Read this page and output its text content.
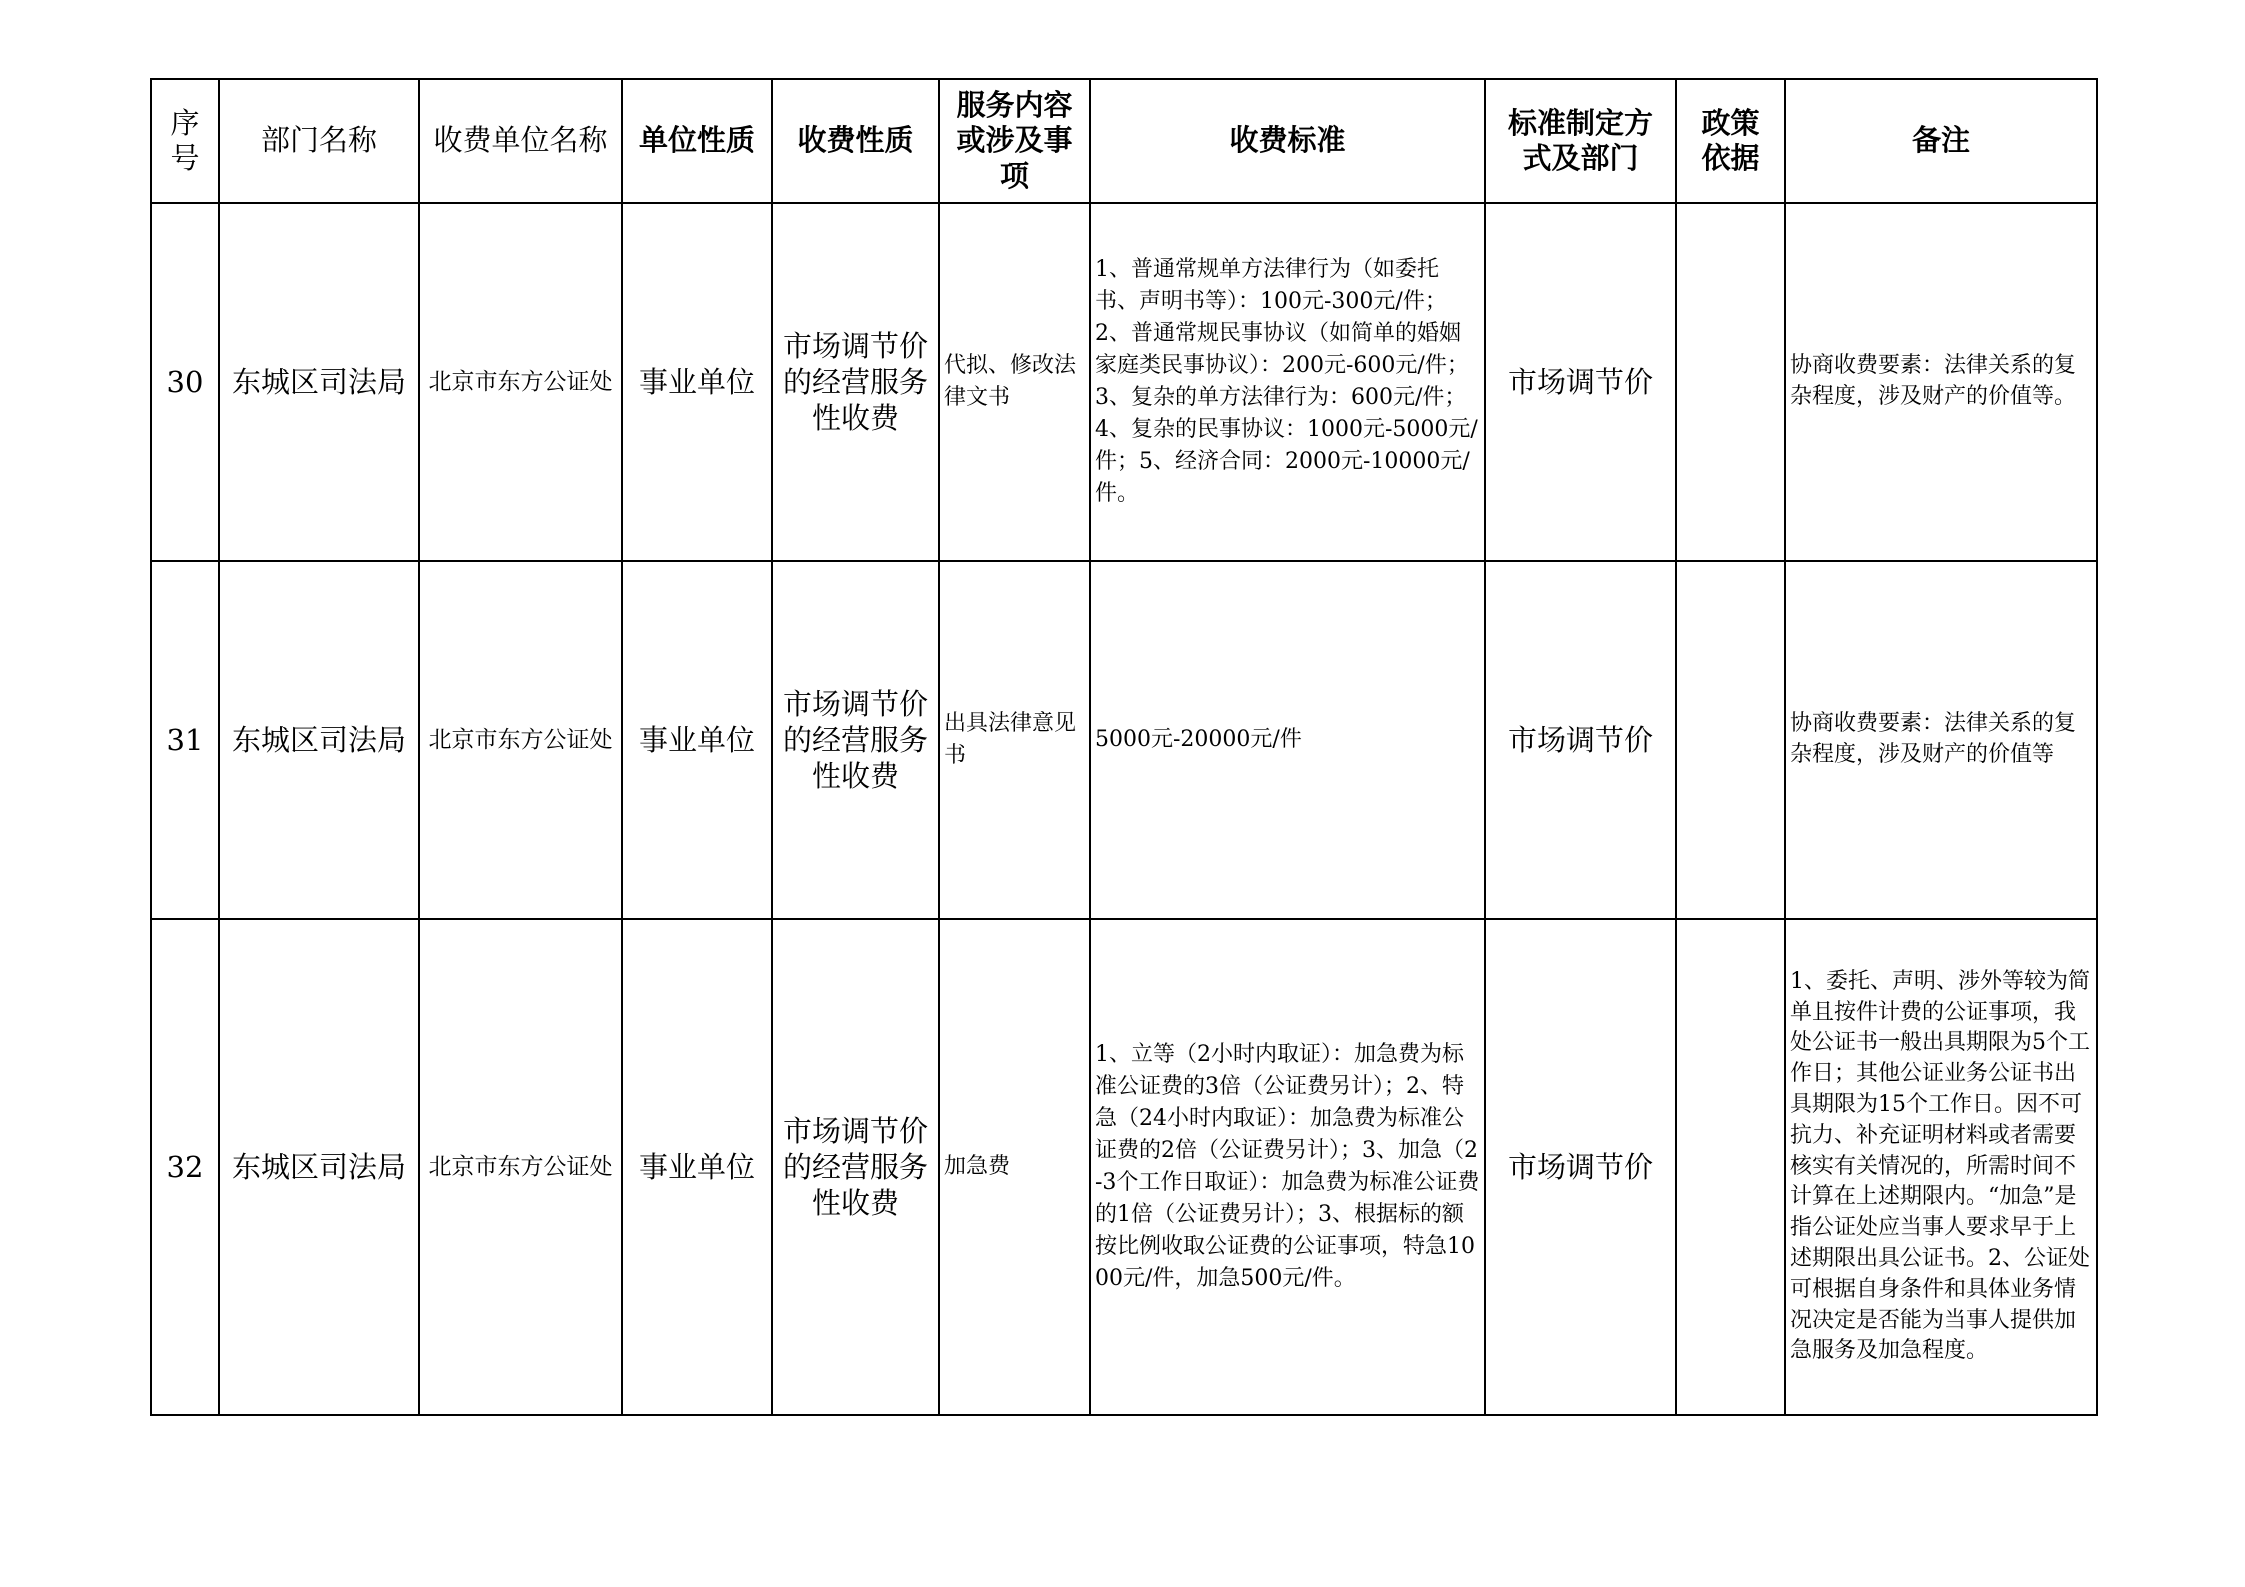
序号	部门名称	收费单位名称	单位性质	收费性质	服务内容或涉及事项	收费标准	标准制定方式及部门	政策依据	备注
30	东城区司法局	北京市东方公证处	事业单位	市场调节价的经营服务性收费	代拟、修改法律文书	1、普通常规单方法律行为（如委托书、声明书等）：100元-300元/件；2、普通常规民事协议（如简单的婚姻家庭类民事协议）：200元-600元/件；3、复杂的单方法律行为：600元/件；4、复杂的民事协议：1000元-5000元/件；5、经济合同：2000元-10000元/件。	市场调节价		协商收费要素：法律关系的复杂程度，涉及财产的价值等。

31	东城区司法局	北京市东方公证处	事业单位	市场调节价的经营服务性收费	出具法律意见书	5000元-20000元/件	市场调节价		协商收费要素：法律关系的复杂程度，涉及财产的价值等

32	东城区司法局	北京市东方公证处	事业单位	市场调节价的经营服务性收费	加急费	1、立等（2小时内取证）：加急费为标准公证费的3倍（公证费另计）；2、特急（24小时内取证）：加急费为标准公证费的2倍（公证费另计）；3、加急（2-3个工作日取证）：加急费为标准公证费的1倍（公证费另计）；3、根据标的额按比例收取公证费的公证事项，特急1000元/件，加急500元/件。	市场调节价		1、委托、声明、涉外等较为简单且按件计费的公证事项，我处公证书一般出具期限为5个工作日；其他公证业务公证书出具期限为15个工作日。因不可抗力、补充证明材料或者需要核实有关情况的，所需时间不计算在上述期限内。“加急”是指公证处应当事人要求早于上述期限出具公证书。2、公证处可根据自身条件和具体业务情况决定是否能为当事人提供加急服务及加急程度。
